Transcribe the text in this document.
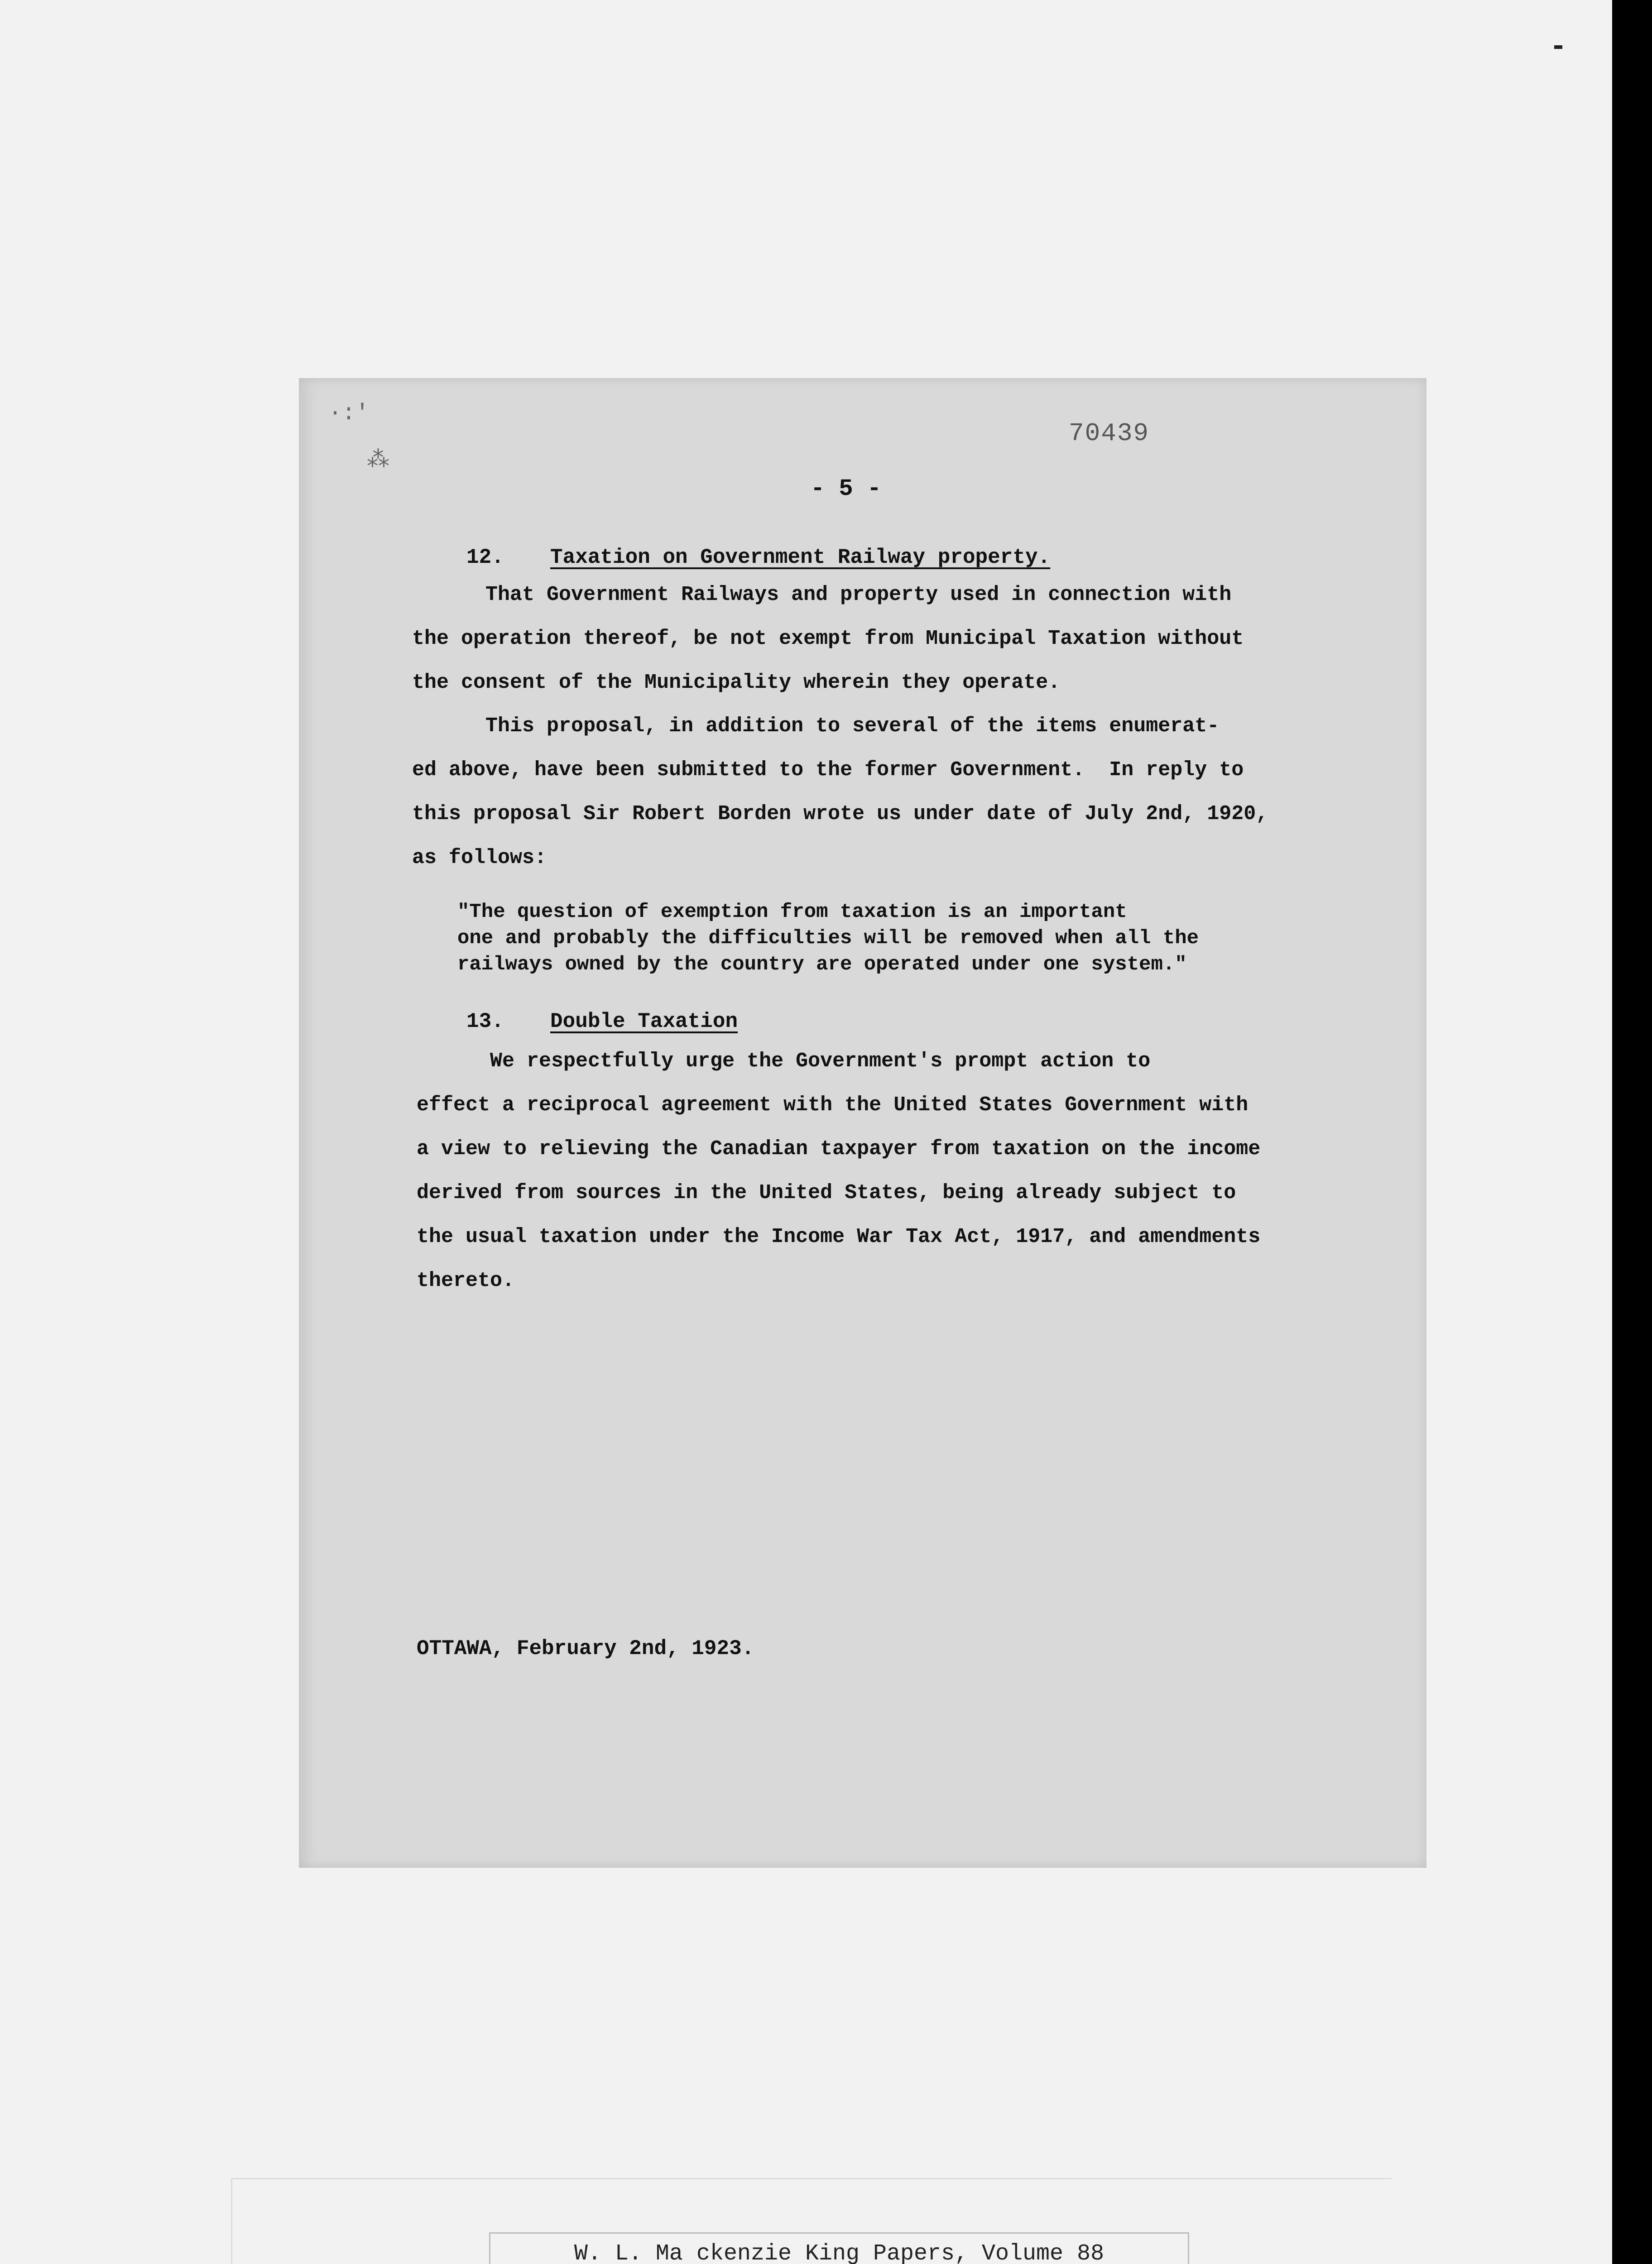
·:'
⁂
70439
- 5 -
12. Taxation on Government Railway property.

That Government Railways and property used in connection with
the operation thereof, be not exempt from Municipal Taxation without
the consent of the Municipality wherein they operate.

This proposal, in addition to several of the items enumerat-
ed above, have been submitted to the former Government.  In reply to
this proposal Sir Robert Borden wrote us under date of July 2nd, 1920,
as follows:

"The question of exemption from taxation is an important
one and probably the difficulties will be removed when all the
railways owned by the country are operated under one system."

13. Double Taxation

We respectfully urge the Government's prompt action to
effect a reciprocal agreement with the United States Government with
a view to relieving the Canadian taxpayer from taxation on the income
derived from sources in the United States, being already subject to
the usual taxation under the Income War Tax Act, 1917, and amendments
thereto.

OTTAWA, February 2nd, 1923.
W. L. Ma ckenzie King Papers, Volume 88
